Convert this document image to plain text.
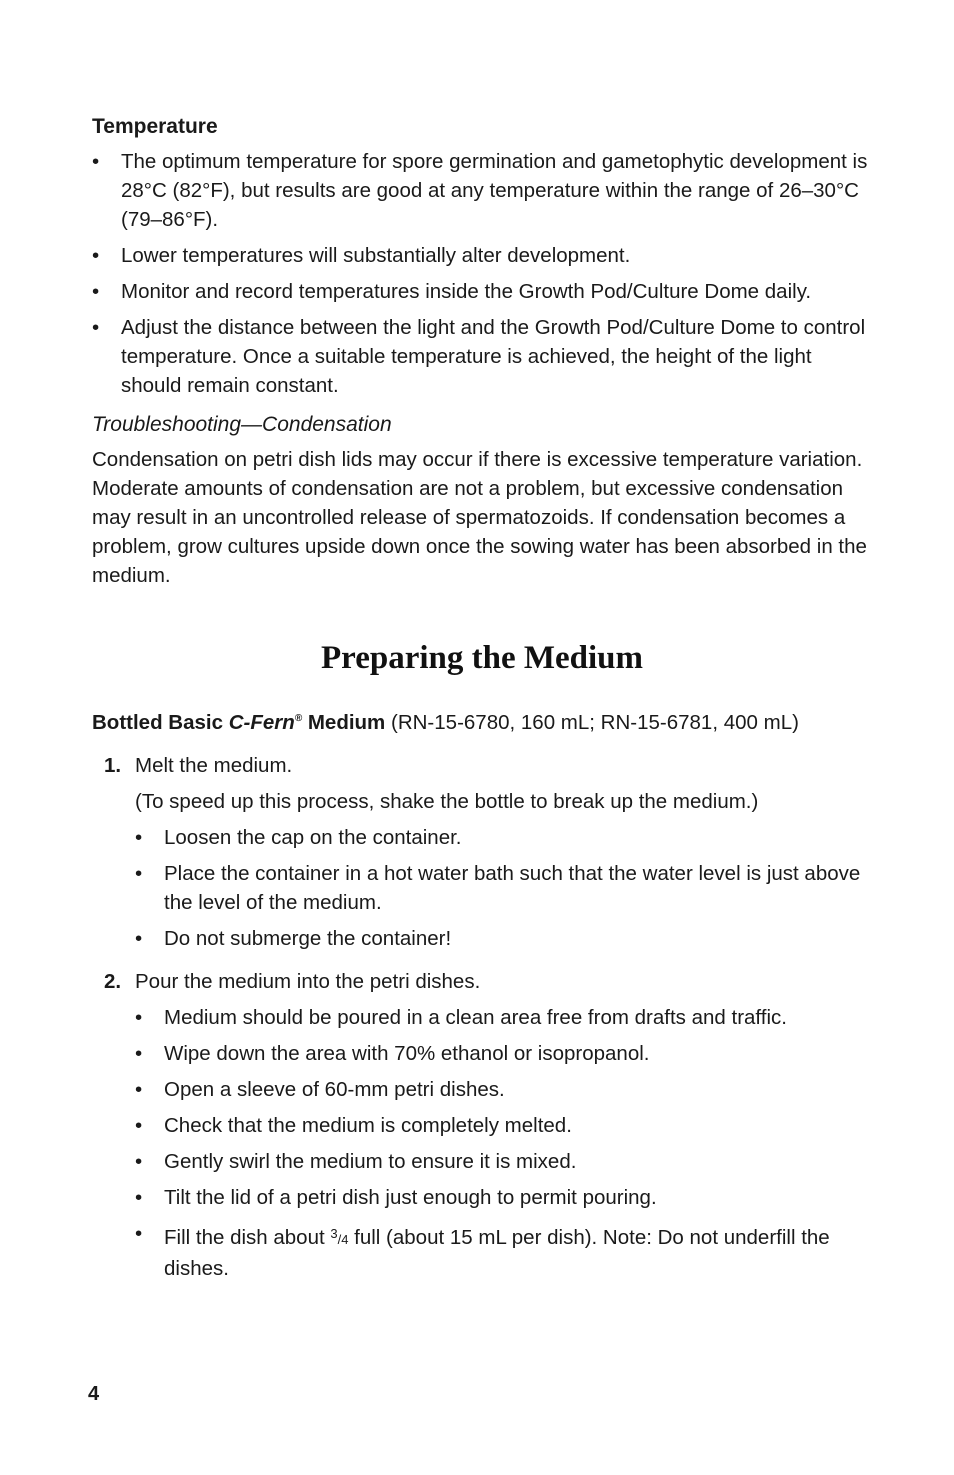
Temperature
• The optimum temperature for spore germination and gametophytic development is 28°C (82°F), but results are good at any temperature within the range of 26–30°C (79–86°F).
• Lower temperatures will substantially alter development.
• Monitor and record temperatures inside the Growth Pod/Culture Dome daily.
• Adjust the distance between the light and the Growth Pod/Culture Dome to control temperature. Once a suitable temperature is achieved, the height of the light should remain constant.
Troubleshooting—Condensation

Condensation on petri dish lids may occur if there is excessive temperature variation. Moderate amounts of condensation are not a problem, but excessive condensation may result in an uncontrolled release of spermatozoids. If condensation becomes a problem, grow cultures upside down once the sowing water has been absorbed in the medium.

Preparing the Medium
Bottled Basic C-Fern® Medium (RN-15-6780, 160 mL; RN-15-6781, 400 mL)
1. Melt the medium.
(To speed up this process, shake the bottle to break up the medium.)
• Loosen the cap on the container.
• Place the container in a hot water bath such that the water level is just above the level of the medium.
• Do not submerge the container!
2. Pour the medium into the petri dishes.
• Medium should be poured in a clean area free from drafts and traffic.
• Wipe down the area with 70% ethanol or isopropanol.
• Open a sleeve of 60-mm petri dishes.
• Check that the medium is completely melted.
• Gently swirl the medium to ensure it is mixed.
• Tilt the lid of a petri dish just enough to permit pouring.
• Fill the dish about $^3$/4 full (about 15 mL per dish). Note: Do not underfill the dishes.
4
